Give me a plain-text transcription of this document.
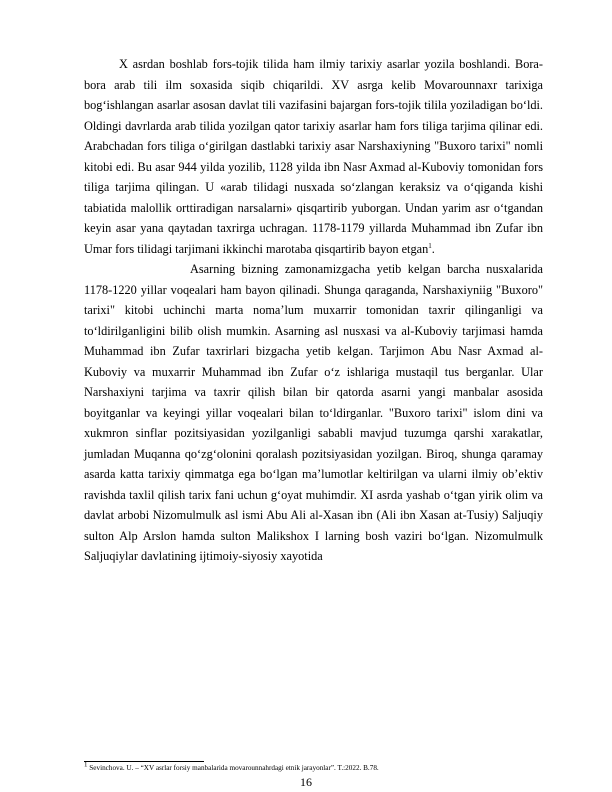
X asrdan boshlab fors-tojik tilida ham ilmiy tarixiy asarlar yozila boshlandi. Bora-bora arab tili ilm soxasida siqib chiqarildi. XV asrga kelib Movarounnaxr tarixiga bog‘ishlangan asarlar asosan davlat tili vazifasini bajargan fors-tojik tilila yoziladigan bo‘ldi. Oldingi davrlarda arab tilida yozilgan qator tarixiy asarlar ham fors tiliga tarjima qilinar edi. Arabchadan fors tiliga o‘girilgan dastlabki tarixiy asar Narshaxiyning "Buxoro tarixi" nomli kitobi edi. Bu asar 944 yilda yozilib, 1128 yilda ibn Nasr Axmad al-Kuboviy tomonidan fors tiliga tarjima qilingan. U «arab tilidagi nusxada so‘zlangan keraksiz va o‘qiganda kishi tabiatida malollik orttiradigan narsalarni» qisqartirib yuborgan. Undan yarim asr o‘tgandan keyin asar yana qaytadan taxrirga uchragan. 1178-1179 yillarda Muhammad ibn Zufar ibn Umar fors tilidagi tarjimani ikkinchi marotaba qisqartirib bayon etgan$^1$.

Asarning bizning zamonamizgacha yetib kelgan barcha nusxalarida 1178-1220 yillar voqealari ham bayon qilinadi. Shunga qaraganda, Narshaxiyniig "Buxoro" tarixi" kitobi uchinchi marta noma’lum muxarrir tomonidan taxrir qilinganligi va to‘ldirilganligini bilib olish mumkin. Asarning asl nusxasi va al-Kuboviy tarjimasi hamda Muhammad ibn Zufar taxrirlari bizgacha yetib kelgan. Tarjimon Abu Nasr Axmad al-Kuboviy va muxarrir Muhammad ibn Zufar o‘z ishlariga mustaqil tus berganlar. Ular Narshaxiyni tarjima va taxrir qilish bilan bir qatorda asarni yangi manbalar asosida boyitganlar va keyingi yillar voqealari bilan to‘ldirganlar. "Buxoro tarixi" islom dini va xukmron sinflar pozitsiyasidan yozilganligi sababli mavjud tuzumga qarshi xarakatlar, jumladan Muqanna qo‘zg‘olonini qoralash pozitsiyasidan yozilgan. Biroq, shunga qaramay asarda katta tarixiy qimmatga ega bo‘lgan ma’lumotlar keltirilgan va ularni ilmiy ob’ektiv ravishda taxlil qilish tarix fani uchun g‘oyat muhimdir. XI asrda yashab o‘tgan yirik olim va davlat arbobi Nizomulmulk asl ismi Abu Ali al-Xasan ibn (Ali ibn Xasan at-Tusiy) Saljuqiy sulton Alp Arslon hamda sulton Malikshox I larning bosh vaziri bo‘lgan. Nizomulmulk Saljuqiylar davlatining ijtimoiy-siyosiy xayotida

$^1$ Sevinchova. U. – “XV asrlar forsiy manbalarida movarounnahrdagi etnik jarayonlar”. T.:2022. B.78.
16
